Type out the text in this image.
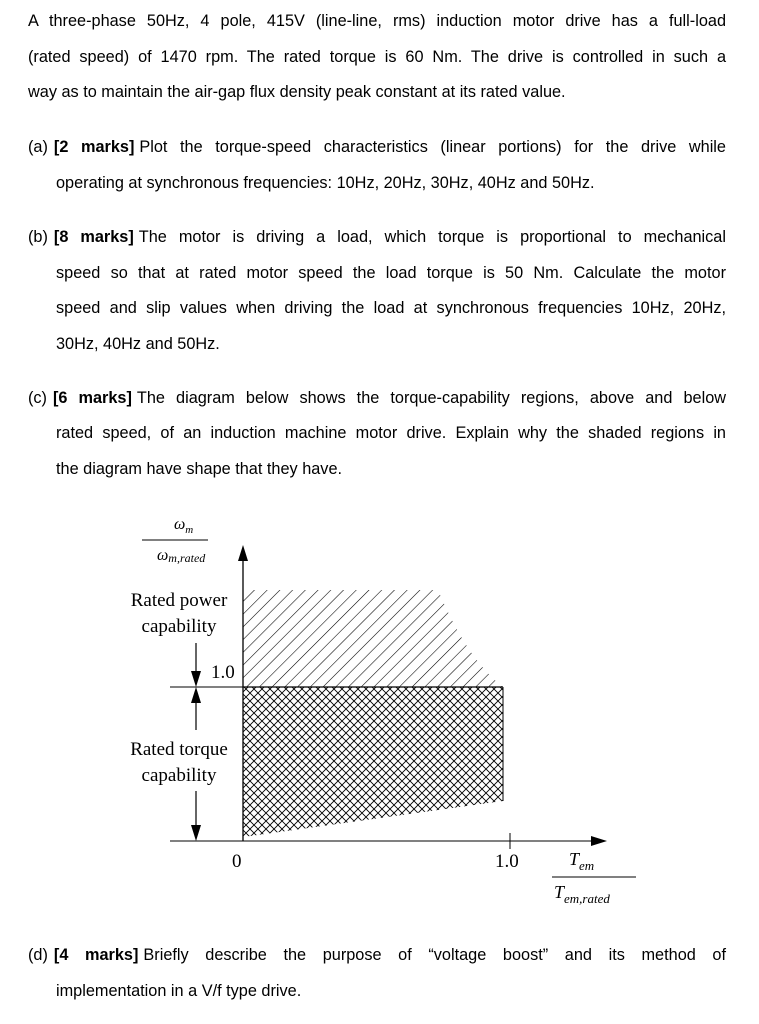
A three-phase 50Hz, 4 pole, 415V (line-line, rms) induction motor drive has a full-load
(rated speed) of 1470 rpm. The rated torque is 60 Nm. The drive is controlled in such a
way as to maintain the air-gap flux density peak constant at its rated value.
(a) [2 marks] Plot the torque-speed characteristics (linear portions) for the drive while
operating at synchronous frequencies: 10Hz, 20Hz, 30Hz, 40Hz and 50Hz.
(b) [8 marks] The motor is driving a load, which torque is proportional to mechanical
speed so that at rated motor speed the load torque is 50 Nm. Calculate the motor
speed and slip values when driving the load at synchronous frequencies 10Hz, 20Hz,
30Hz, 40Hz and 50Hz.
(c) [6 marks] The diagram below shows the torque-capability regions, above and below
rated speed, of an induction machine motor drive. Explain why the shaded regions in
the diagram have shape that they have.
$\omega_m$
ωm,rated
Rated power
capability
Rated torque
capability
1.0
0	1.0	$T_{em}$
$T_{em,rated}$
(d) [4 marks] Briefly describe the purpose of “voltage boost” and its method of
implementation in a V/f type drive.
